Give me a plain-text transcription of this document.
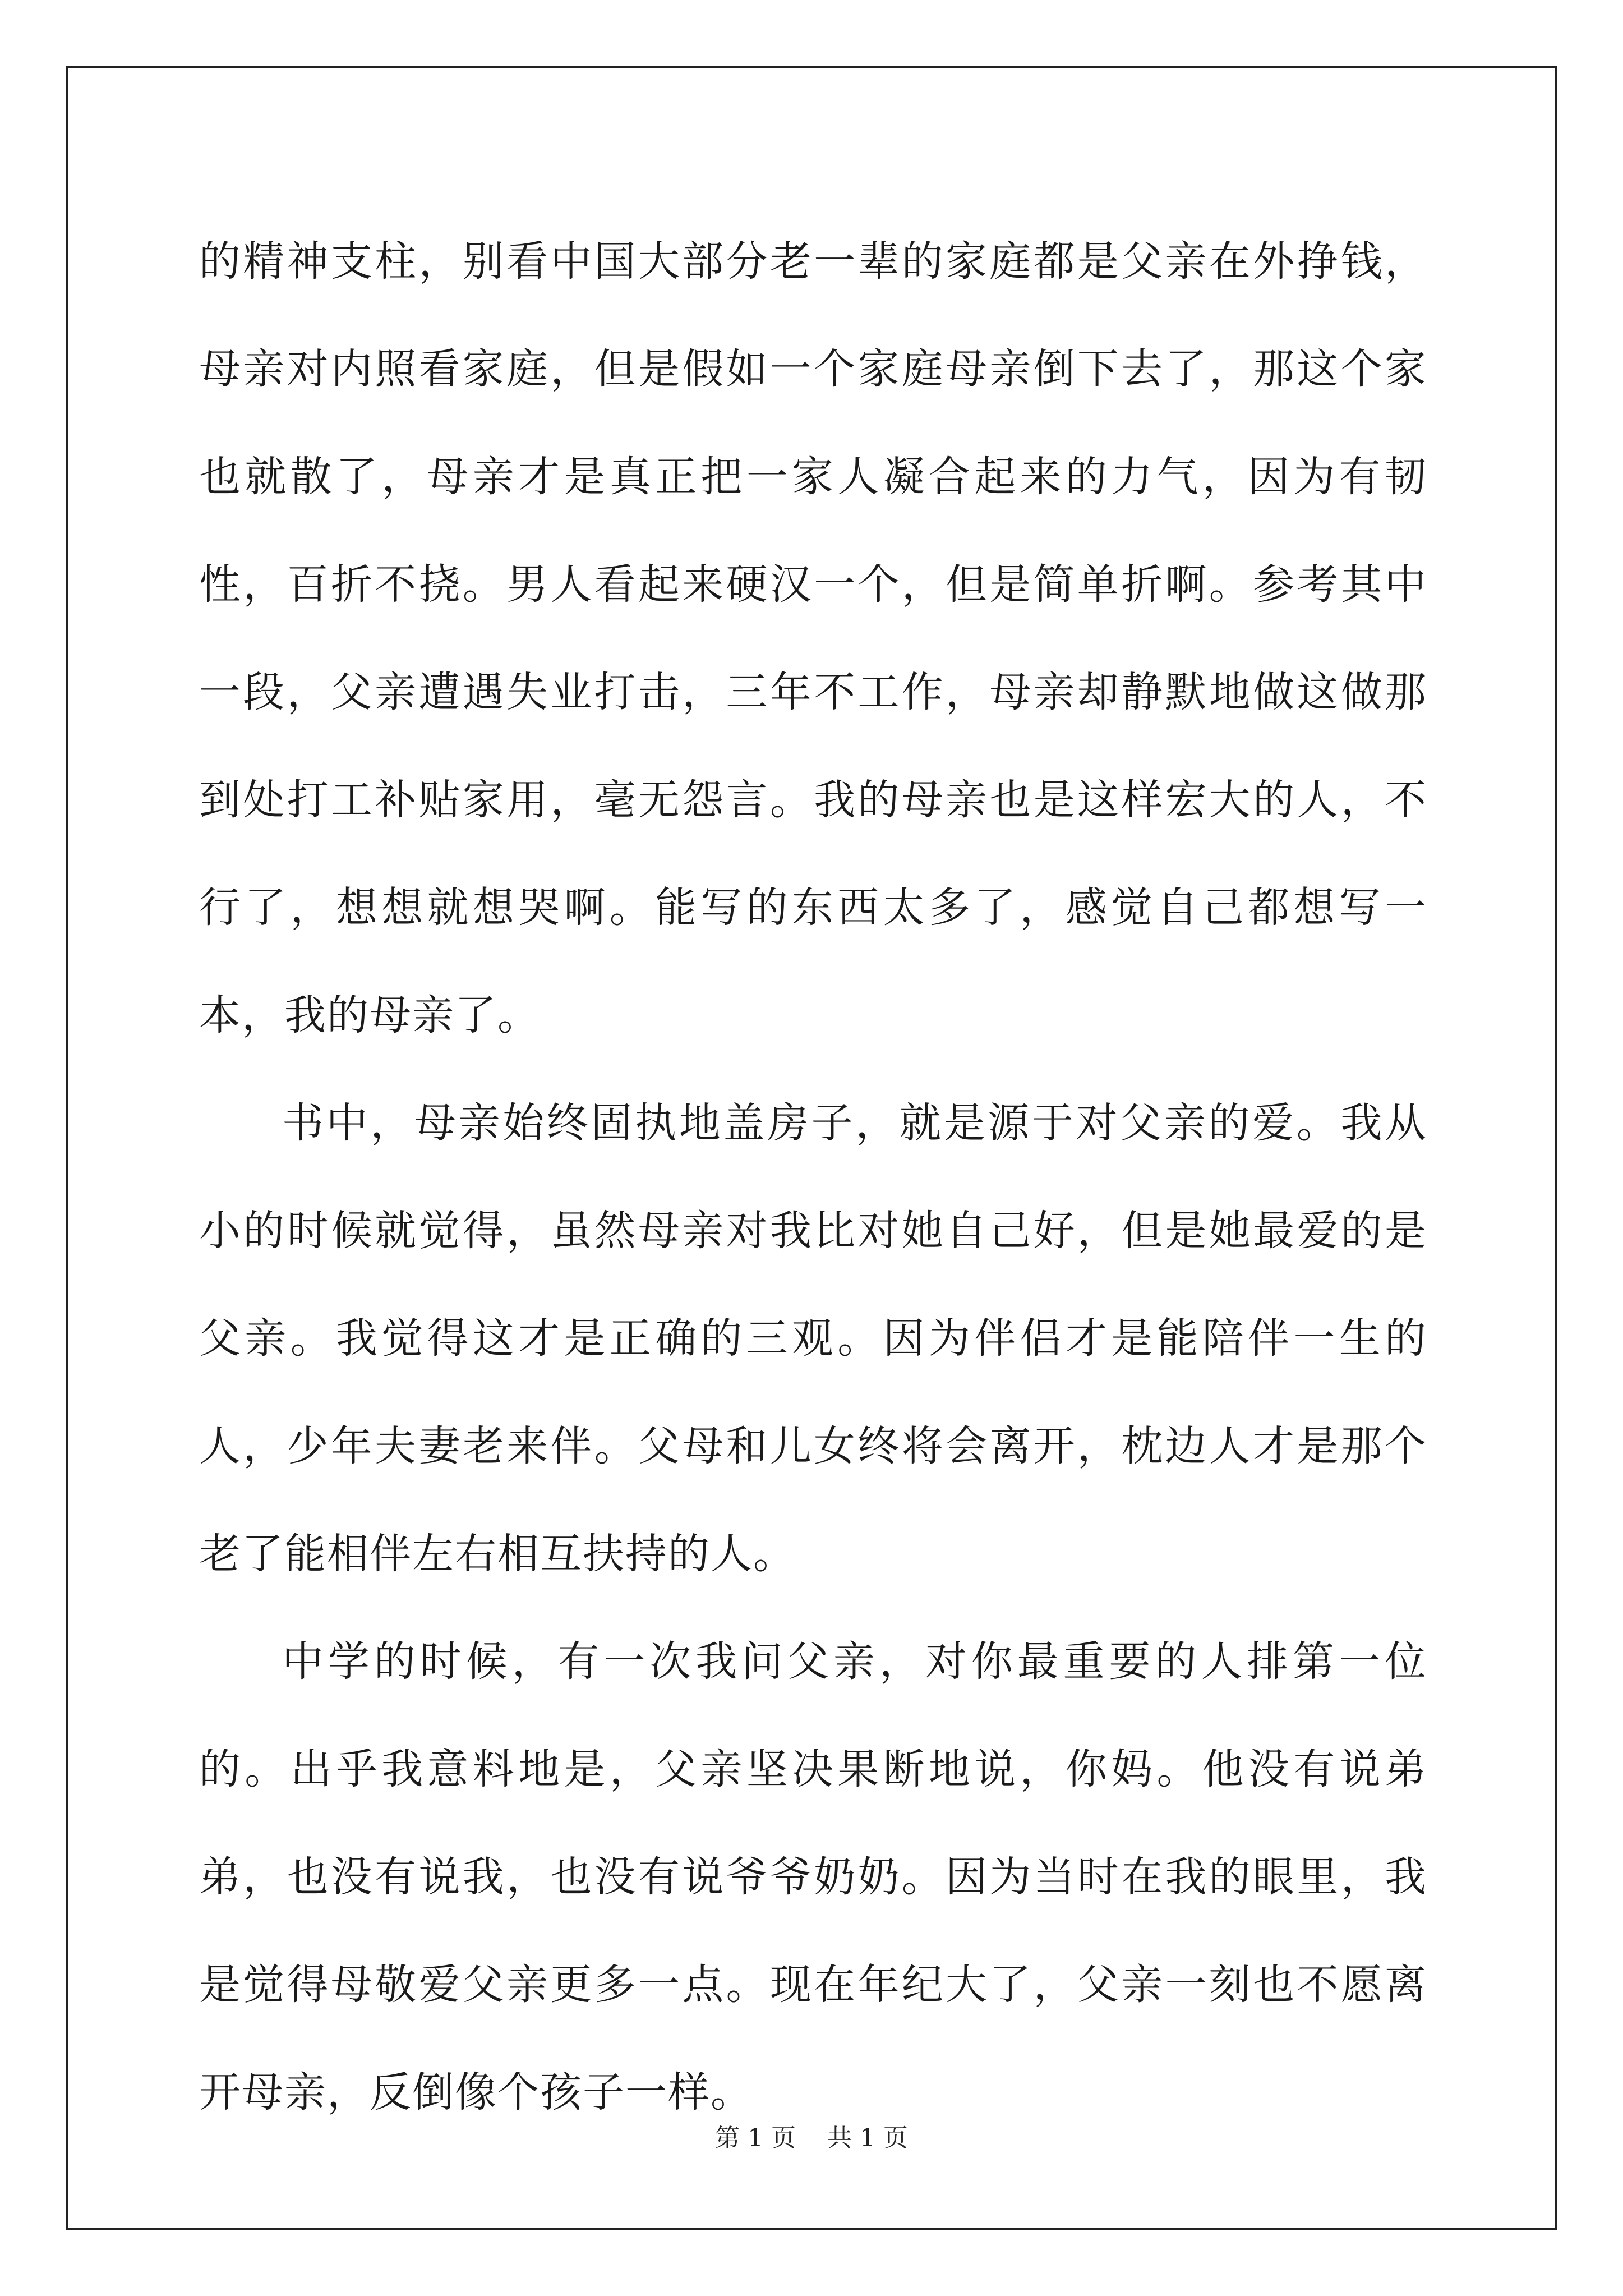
的精神支柱，别看中国大部分老一辈的家庭都是父亲在外挣钱，母亲对内照看家庭，但是假如一个家庭母亲倒下去了，那这个家也就散了，母亲才是真正把一家人凝合起来的力气，因为有韧性，百折不挠。男人看起来硬汉一个，但是简单折啊。参考其中一段，父亲遭遇失业打击，三年不工作，母亲却静默地做这做那到处打工补贴家用，毫无怨言。我的母亲也是这样宏大的人，不行了，想想就想哭啊。能写的东西太多了，感觉自己都想写一本，我的母亲了。

书中，母亲始终固执地盖房子，就是源于对父亲的爱。我从小的时候就觉得，虽然母亲对我比对她自己好，但是她最爱的是父亲。我觉得这才是正确的三观。因为伴侣才是能陪伴一生的人，少年夫妻老来伴。父母和儿女终将会离开，枕边人才是那个老了能相伴左右相互扶持的人。

中学的时候，有一次我问父亲，对你最重要的人排第一位的。出乎我意料地是，父亲坚决果断地说，你妈。他没有说弟弟，也没有说我，也没有说爷爷奶奶。因为当时在我的眼里，我是觉得母敬爱父亲更多一点。现在年纪大了，父亲一刻也不愿离开母亲，反倒像个孩子一样。

第 1 页    共 1 页
